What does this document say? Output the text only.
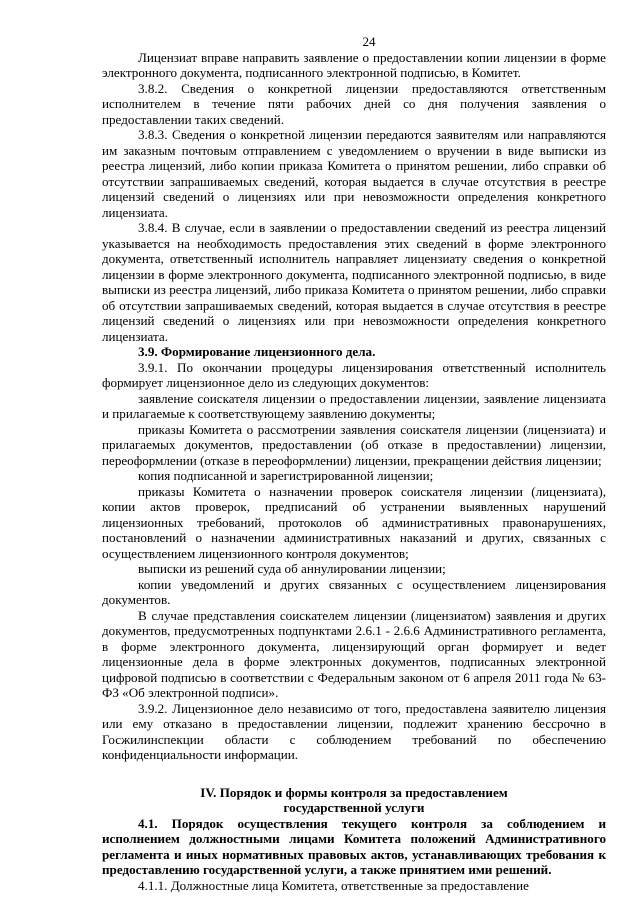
24

Лицензиат вправе направить заявление о предоставлении копии лицензии в форме электронного документа, подписанного электронной подписью, в Комитет.

3.8.2. Сведения о конкретной лицензии предоставляются ответственным исполнителем в течение пяти рабочих дней со дня получения заявления о предоставлении таких сведений.

3.8.3. Сведения о конкретной лицензии передаются заявителям или направляются им заказным почтовым отправлением с уведомлением о вручении в виде выписки из реестра лицензий, либо копии приказа Комитета о принятом решении, либо справки об отсутствии запрашиваемых сведений, которая выдается в случае отсутствия в реестре лицензий сведений о лицензиях или при невозможности определения конкретного лицензиата.

3.8.4. В случае, если в заявлении о предоставлении сведений из реестра лицензий указывается на необходимость предоставления этих сведений в форме электронного документа, ответственный исполнитель направляет лицензиату сведения о конкретной лицензии в форме электронного документа, подписанного электронной подписью, в виде выписки из реестра лицензий, либо приказа Комитета о принятом решении, либо справки об отсутствии запрашиваемых сведений, которая выдается в случае отсутствия в реестре лицензий сведений о лицензиях или при невозможности определения конкретного лицензиата.

3.9. Формирование лицензионного дела.

3.9.1. По окончании процедуры лицензирования ответственный исполнитель формирует лицензионное дело из следующих документов:

заявление соискателя лицензии о предоставлении лицензии, заявление лицензиата и прилагаемые к соответствующему заявлению документы;

приказы Комитета о рассмотрении заявления соискателя лицензии (лицензиата) и прилагаемых документов, предоставлении (об отказе в предоставлении) лицензии, переоформлении (отказе в переоформлении) лицензии, прекращении действия лицензии;

копия подписанной и зарегистрированной лицензии;

приказы Комитета о назначении проверок соискателя лицензии (лицензиата), копии актов проверок, предписаний об устранении выявленных нарушений лицензионных требований, протоколов об административных правонарушениях, постановлений о назначении административных наказаний и других, связанных с осуществлением лицензионного контроля документов;

выписки из решений суда об аннулировании лицензии;

копии уведомлений и других связанных с осуществлением лицензирования документов.

В случае представления соискателем лицензии (лицензиатом) заявления и других документов, предусмотренных подпунктами 2.6.1 - 2.6.6 Административного регламента, в форме электронного документа, лицензирующий орган формирует и ведет лицензионные дела в форме электронных документов, подписанных электронной цифровой подписью в соответствии с Федеральным законом от 6 апреля 2011 года № 63-ФЗ «Об электронной подписи».

3.9.2. Лицензионное дело независимо от того, предоставлена заявителю лицензия или ему отказано в предоставлении лицензии, подлежит хранению бессрочно в Госжилинспекции области с соблюдением требований по обеспечению конфиденциальности информации.

IV. Порядок и формы контроля за предоставлением

государственной услуги

4.1. Порядок осуществления текущего контроля за соблюдением и исполнением должностными лицами Комитета положений Административного регламента и иных нормативных правовых актов, устанавливающих требования к предоставлению государственной услуги, а также принятием ими решений.

4.1.1. Должностные лица Комитета, ответственные за предоставление
